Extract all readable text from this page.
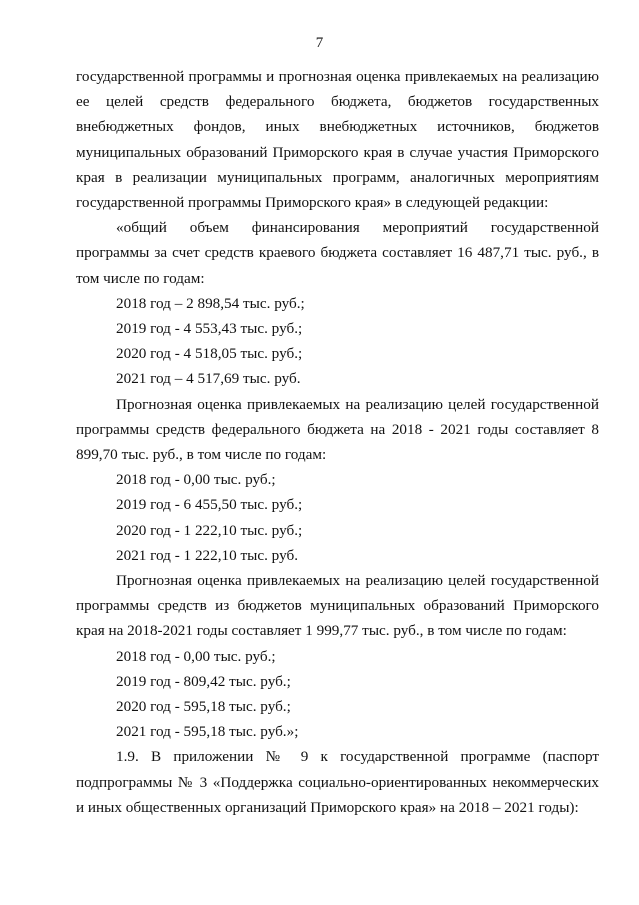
7

государственной программы и прогнозная оценка привлекаемых на реализацию ее целей средств федерального бюджета, бюджетов государственных внебюджетных фондов, иных внебюджетных источников, бюджетов муниципальных образований Приморского края в случае участия Приморского края в реализации муниципальных программ, аналогичных мероприятиям государственной программы Приморского края» в следующей редакции:

«общий объем финансирования мероприятий государственной программы за счет средств краевого бюджета составляет 16 487,71 тыс. руб., в том числе по годам:

2018 год – 2 898,54 тыс. руб.;

2019 год - 4 553,43 тыс. руб.;

2020 год - 4 518,05 тыс. руб.;

2021 год – 4 517,69 тыс. руб.

Прогнозная оценка привлекаемых на реализацию целей государственной программы средств федерального бюджета на 2018 - 2021 годы составляет 8 899,70 тыс. руб., в том числе по годам:

2018 год - 0,00 тыс. руб.;

2019 год - 6 455,50 тыс. руб.;

2020 год - 1 222,10 тыс. руб.;

2021 год - 1 222,10 тыс. руб.

Прогнозная оценка привлекаемых на реализацию целей государственной программы средств из бюджетов муниципальных образований Приморского края на 2018-2021 годы составляет 1 999,77 тыс. руб., в том числе по годам:

2018 год - 0,00 тыс. руб.;

2019 год - 809,42 тыс. руб.;

2020 год - 595,18 тыс. руб.;

2021 год - 595,18 тыс. руб.»;

1.9. В приложении № 9 к государственной программе (паспорт подпрограммы № 3 «Поддержка социально-ориентированных некоммерческих и иных общественных организаций Приморского края» на 2018 – 2021 годы):
